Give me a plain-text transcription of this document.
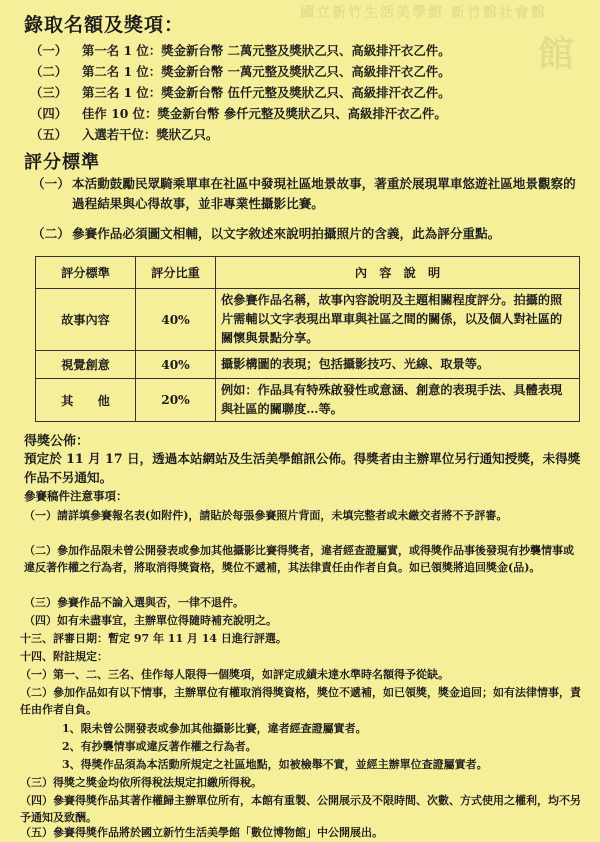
國立新竹生活美學館 新竹館社會館
館
錄取名額及獎項：
（一） 第一名 1 位：獎金新台幣 二萬元整及獎狀乙只、高級排汗衣乙件。
（二） 第二名 1 位：獎金新台幣 一萬元整及獎狀乙只、高級排汗衣乙件。
（三） 第三名 1 位：獎金新台幣 伍仟元整及獎狀乙只、高級排汗衣乙件。
（四） 佳作 10 位：獎金新台幣 參仟元整及獎狀乙只、高級排汗衣乙件。
（五） 入選若干位：獎狀乙只。
評分標準
（一） 本活動鼓勵民眾騎乘單車在社區中發現社區地景故事，著重於展現單車悠遊社區地景觀察的過程結果與心得故事，並非專業性攝影比賽。
（二） 參賽作品必須圖文相輔，以文字敘述來說明拍攝照片的含義，此為評分重點。
評分標準	評分比重	內　容　說　明
故事內容	40%	依參賽作品名稱，故事內容說明及主題相關程度評分。拍攝的照片需輔以文字表現出單車與社區之間的關係，以及個人對社區的關懷與景點分享。
視覺創意	40%	攝影構圖的表現；包括攝影技巧、光線、取景等。
其　　他	20%	例如：作品具有特殊啟發性或意涵、創意的表現手法、具體表現與社區的關聯度…等。
得獎公佈：
預定於 11 月 17 日，透過本站網站及生活美學館訊公佈。得獎者由主辦單位另行通知授獎，未得獎作品不另通知。
參賽稿件注意事項：
（一）請詳填參賽報名表(如附件)，請貼於每張參賽照片背面，未填完整者或未繳交者將不予評審。
（二）參加作品限未曾公開發表或參加其他攝影比賽得獎者，違者經查證屬實，或得獎作品事後發現有抄襲情事或違反著作權之行為者，將取消得獎資格，獎位不遞補，其法律責任由作者自負。如已領獎將追回獎金(品)。
（三）參賽作品不論入選與否，一律不退件。
（四）如有未盡事宜，主辦單位得隨時補充說明之。
十三、評審日期：暫定 97 年 11 月 14 日進行評選。
十四、附註規定：
（一）第一、二、三名、佳作每人限得一個獎項，如評定成績未達水準時名額得予從缺。
（二）參加作品如有以下情事，主辦單位有權取消得獎資格，獎位不遞補，如已領獎，獎金追回；如有法律情事，責任由作者自負。
1、限未曾公開發表或參加其他攝影比賽，違者經查證屬實者。
2、有抄襲情事或違反著作權之行為者。
3、得獎作品須為本活動所規定之社區地點，如被檢舉不實，並經主辦單位查證屬實者。
（三）得獎之獎金均依所得稅法規定扣繳所得稅。
（四）參賽得獎作品其著作權歸主辦單位所有，本館有重製、公開展示及不限時間、次數、方式使用之權利，均不另予通知及致酬。
（五）參賽得獎作品將於國立新竹生活美學館「數位博物館」中公開展出。
